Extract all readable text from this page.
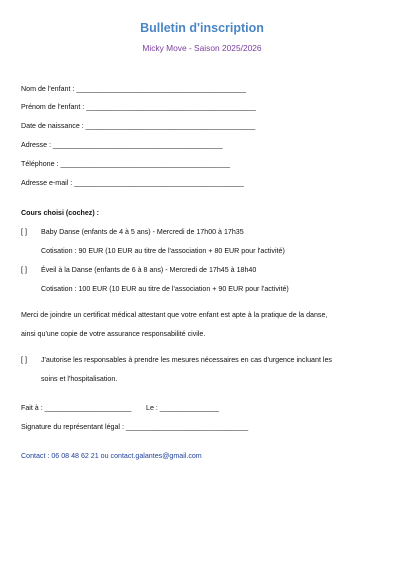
Bulletin d'inscription
Micky Move - Saison 2025/2026
Nom de l'enfant : ___________________________________________
Prénom de l'enfant : ___________________________________________
Date de naissance : ___________________________________________
Adresse : ___________________________________________
Téléphone : ___________________________________________
Adresse e-mail : ___________________________________________
Cours choisi (cochez) :
[ ] Baby Danse (enfants de 4 à 5 ans) - Mercredi de 17h00 à 17h35
Cotisation : 90 EUR (10 EUR au titre de l'association + 80 EUR pour l'activité)
[ ] Éveil à la Danse (enfants de 6 à 8 ans) - Mercredi de 17h45 à 18h40
Cotisation : 100 EUR (10 EUR au titre de l'association + 90 EUR pour l'activité)
Merci de joindre un certificat médical attestant que votre enfant est apte à la pratique de la danse,
ainsi qu'une copie de votre assurance responsabilité civile.
[ ] J'autorise les responsables à prendre les mesures nécessaires en cas d'urgence incluant les
soins et l'hospitalisation.
Fait à : ______________________ Le : _______________
Signature du représentant légal : _______________________________
Contact : 06 08 48 62 21 ou contact.galantes@gmail.com
